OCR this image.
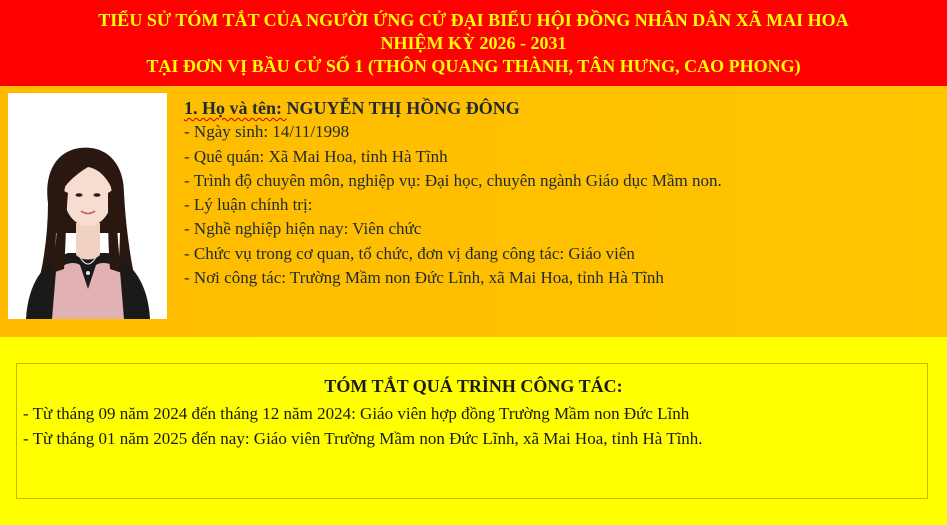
TIỂU SỬ TÓM TẮT CỦA NGƯỜI ỨNG CỬ ĐẠI BIỂU HỘI ĐỒNG NHÂN DÂN XÃ MAI HOA
NHIỆM KỲ 2026 - 2031
TẠI ĐƠN VỊ BẦU CỬ SỐ 1 (THÔN QUANG THÀNH, TÂN HƯNG, CAO PHONG)
1. Họ và tên: NGUYỄN THỊ HỒNG ĐÔNG
- Ngày sinh: 14/11/1998
- Quê quán: Xã Mai Hoa, tỉnh Hà Tĩnh
- Trình độ chuyên môn, nghiệp vụ: Đại học, chuyên ngành Giáo dục Mầm non.
- Lý luận chính trị:
- Nghề nghiệp hiện nay: Viên chức
- Chức vụ trong cơ quan, tổ chức, đơn vị đang công tác: Giáo viên
- Nơi công tác: Trường Mầm non Đức Lĩnh, xã Mai Hoa, tỉnh Hà Tĩnh
TÓM TẮT QUÁ TRÌNH CÔNG TÁC:
- Từ tháng 09 năm 2024 đến tháng 12 năm 2024: Giáo viên hợp đồng Trường Mầm non Đức Lĩnh
- Từ tháng 01 năm 2025 đến nay: Giáo viên Trường Mầm non Đức Lĩnh, xã Mai Hoa, tỉnh Hà Tĩnh.
